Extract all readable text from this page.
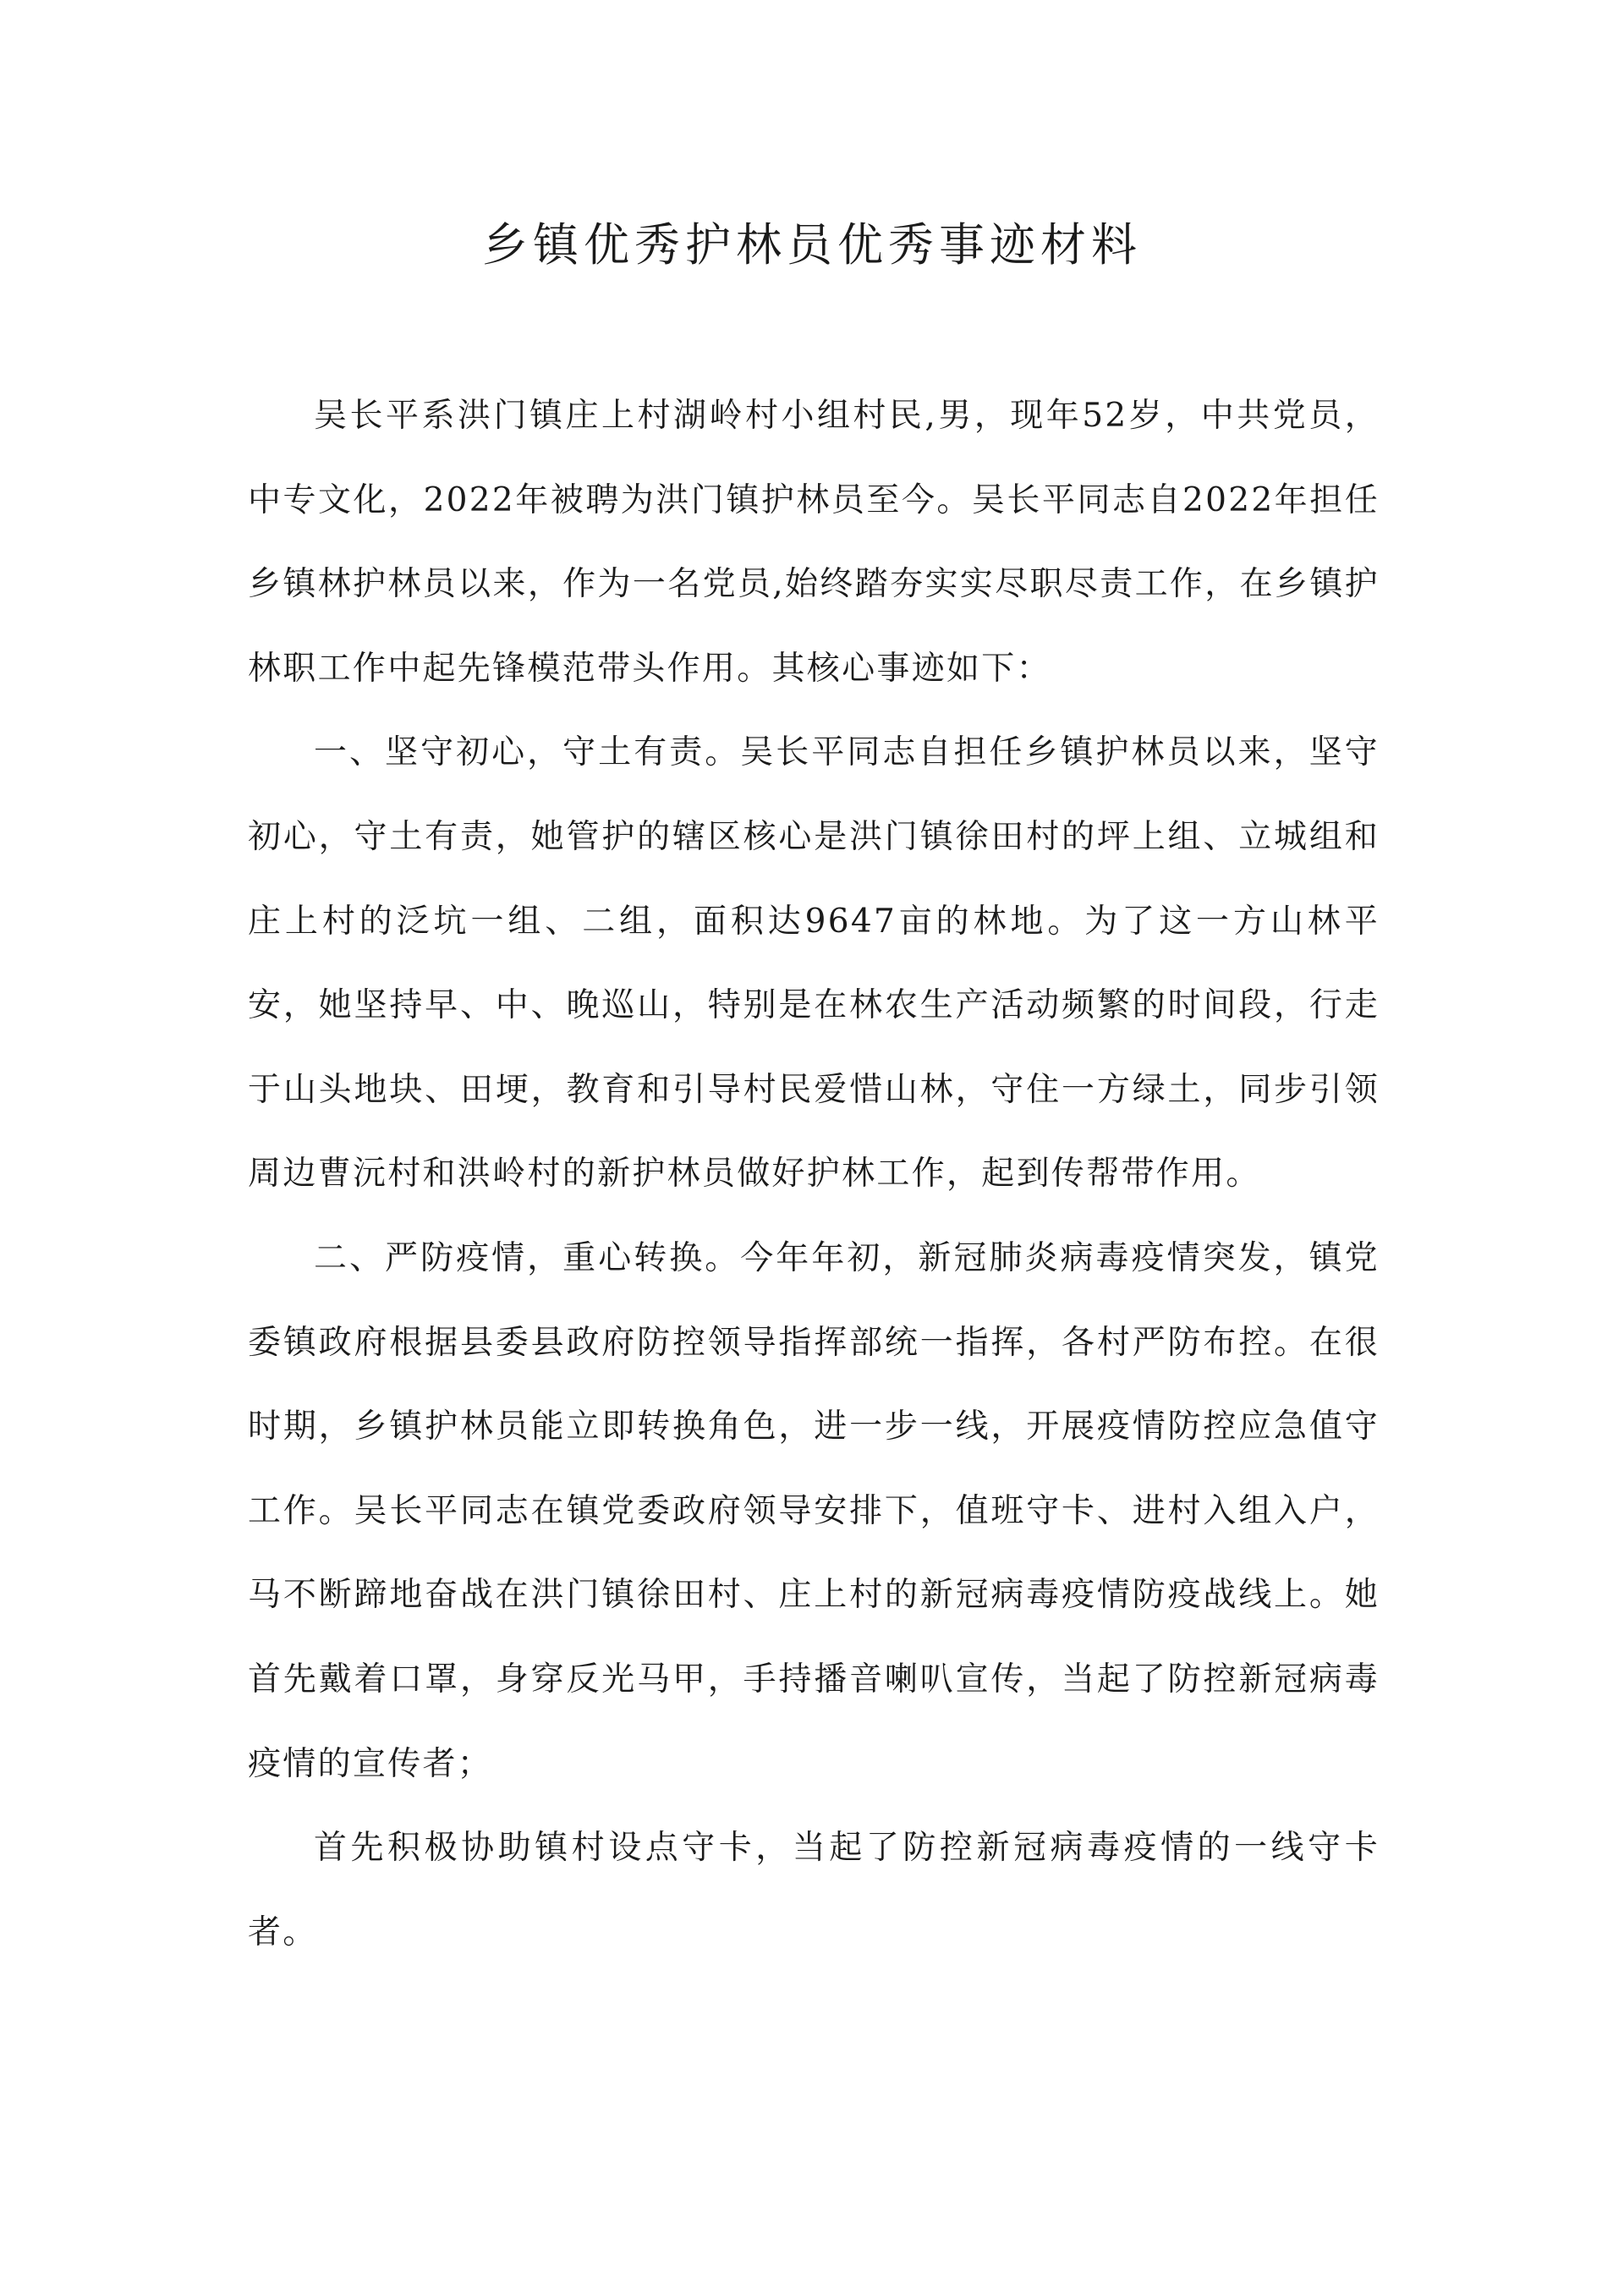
乡镇优秀护林员优秀事迹材料

吴长平系洪门镇庄上村湖岭村小组村民,男，现年52岁，中共党员，中专文化，2022年被聘为洪门镇护林员至今。吴长平同志自2022年担任乡镇林护林员以来，作为一名党员,始终踏夯实实尽职尽责工作，在乡镇护林职工作中起先锋模范带头作用。其核心事迹如下：

一、坚守初心，守土有责。吴长平同志自担任乡镇护林员以来，坚守初心，守土有责，她管护的辖区核心是洪门镇徐田村的坪上组、立城组和庄上村的泛坑一组、二组，面积达9647亩的林地。为了这一方山林平安，她坚持早、中、晚巡山，特别是在林农生产活动频繁的时间段，行走于山头地块、田埂，教育和引导村民爱惜山林，守住一方绿土，同步引领周边曹沅村和洪岭村的新护林员做好护林工作，起到传帮带作用。

二、严防疫情，重心转换。今年年初，新冠肺炎病毒疫情突发，镇党委镇政府根据县委县政府防控领导指挥部统一指挥，各村严防布控。在很时期，乡镇护林员能立即转换角色，进一步一线，开展疫情防控应急值守工作。吴长平同志在镇党委政府领导安排下，值班守卡、进村入组入户，马不断蹄地奋战在洪门镇徐田村、庄上村的新冠病毒疫情防疫战线上。她首先戴着口罩，身穿反光马甲，手持播音喇叭宣传，当起了防控新冠病毒疫情的宣传者；

首先积极协助镇村设点守卡，当起了防控新冠病毒疫情的一线守卡者。
